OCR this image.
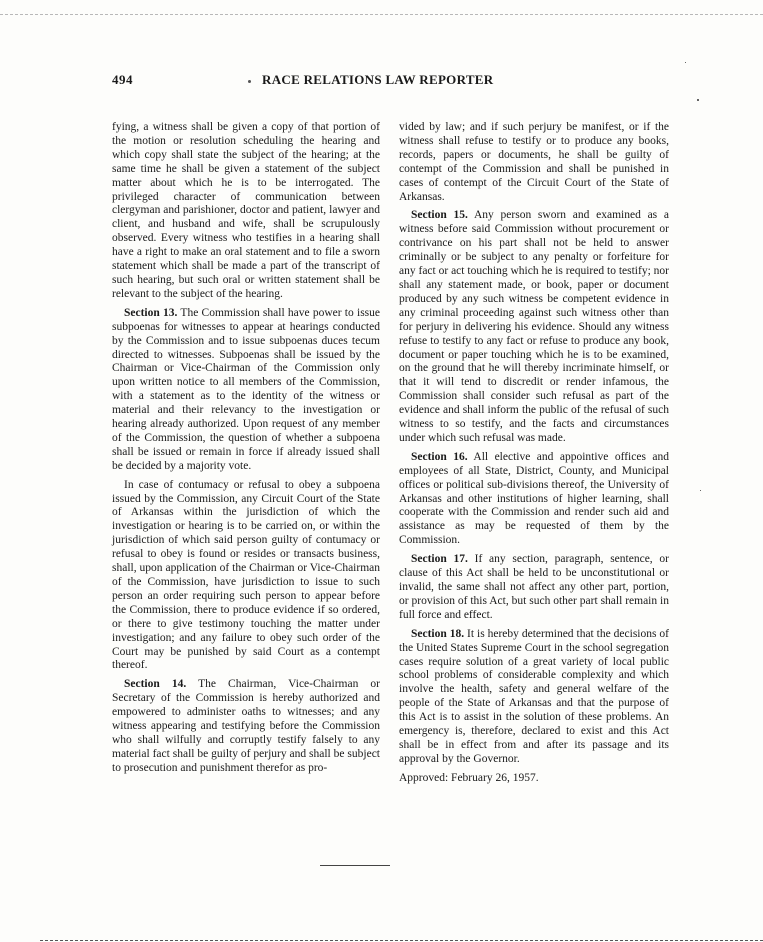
494	RACE RELATIONS LAW REPORTER

fying, a witness shall be given a copy of that portion of the motion or resolution scheduling the hearing and which copy shall state the subject of the hearing; at the same time he shall be given a statement of the subject matter about which he is to be interrogated. The privileged character of communication between clergyman and parishioner, doctor and patient, lawyer and client, and husband and wife, shall be scrupulously observed. Every witness who testifies in a hearing shall have a right to make an oral statement and to file a sworn statement which shall be made a part of the transcript of such hearing, but such oral or written statement shall be relevant to the subject of the hearing.

Section 13. The Commission shall have power to issue subpoenas for witnesses to appear at hearings conducted by the Commission and to issue subpoenas duces tecum directed to witnesses. Subpoenas shall be issued by the Chairman or Vice-Chairman of the Commission only upon written notice to all members of the Commission, with a statement as to the identity of the witness or material and their relevancy to the investigation or hearing already authorized. Upon request of any member of the Commission, the question of whether a subpoena shall be issued or remain in force if already issued shall be decided by a majority vote.

In case of contumacy or refusal to obey a subpoena issued by the Commission, any Circuit Court of the State of Arkansas within the jurisdiction of which the investigation or hearing is to be carried on, or within the jurisdiction of which said person guilty of contumacy or refusal to obey is found or resides or transacts business, shall, upon application of the Chairman or Vice-Chairman of the Commission, have jurisdiction to issue to such person an order requiring such person to appear before the Commission, there to produce evidence if so ordered, or there to give testimony touching the matter under investigation; and any failure to obey such order of the Court may be punished by said Court as a contempt thereof.

Section 14. The Chairman, Vice-Chairman or Secretary of the Commission is hereby authorized and empowered to administer oaths to witnesses; and any witness appearing and testifying before the Commission who shall wilfully and corruptly testify falsely to any material fact shall be guilty of perjury and shall be subject to prosecution and punishment therefor as pro-

vided by law; and if such perjury be manifest, or if the witness shall refuse to testify or to produce any books, records, papers or documents, he shall be guilty of contempt of the Commission and shall be punished in cases of contempt of the Circuit Court of the State of Arkansas.

Section 15. Any person sworn and examined as a witness before said Commission without procurement or contrivance on his part shall not be held to answer criminally or be subject to any penalty or forfeiture for any fact or act touching which he is required to testify; nor shall any statement made, or book, paper or document produced by any such witness be competent evidence in any criminal proceeding against such witness other than for perjury in delivering his evidence. Should any witness refuse to testify to any fact or refuse to produce any book, document or paper touching which he is to be examined, on the ground that he will thereby incriminate himself, or that it will tend to discredit or render infamous, the Commission shall consider such refusal as part of the evidence and shall inform the public of the refusal of such witness to so testify, and the facts and circumstances under which such refusal was made.

Section 16. All elective and appointive offices and employees of all State, District, County, and Municipal offices or political sub-divisions thereof, the University of Arkansas and other institutions of higher learning, shall cooperate with the Commission and render such aid and assistance as may be requested of them by the Commission.

Section 17. If any section, paragraph, sentence, or clause of this Act shall be held to be unconstitutional or invalid, the same shall not affect any other part, portion, or provision of this Act, but such other part shall remain in full force and effect.

Section 18. It is hereby determined that the decisions of the United States Supreme Court in the school segregation cases require solution of a great variety of local public school problems of considerable complexity and which involve the health, safety and general welfare of the people of the State of Arkansas and that the purpose of this Act is to assist in the solution of these problems. An emergency is, therefore, declared to exist and this Act shall be in effect from and after its passage and its approval by the Governor.

Approved: February 26, 1957.
